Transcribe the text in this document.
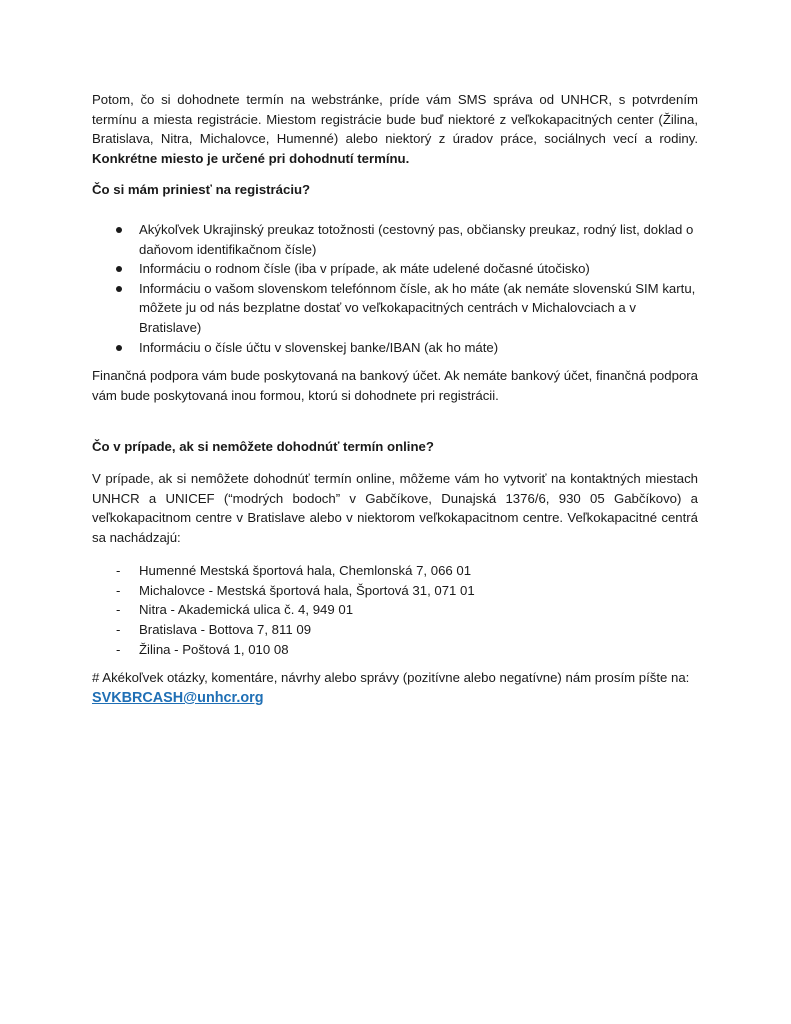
Potom, čo si dohodnete termín na webstránke, príde vám SMS správa od UNHCR, s potvrdením termínu a miesta registrácie. Miestom registrácie bude buď niektoré z veľkokapacitných center (Žilina, Bratislava, Nitra, Michalovce, Humenné) alebo niektorý z úradov práce, sociálnych vecí a rodiny. Konkrétne miesto je určené pri dohodnutí termínu.

Čo si mám priniesť na registráciu?

Akýkoľvek Ukrajinský preukaz totožnosti (cestovný pas, občiansky preukaz, rodný list, doklad o daňovom identifikačnom čísle)
Informáciu o rodnom čísle (iba v prípade, ak máte udelené dočasné útočisko)
Informáciu o vašom slovenskom telefónnom čísle, ak ho máte (ak nemáte slovenskú SIM kartu, môžete ju od nás bezplatne dostať vo veľkokapacitných centrách v Michalovciach a v Bratislave)
Informáciu o čísle účtu v slovenskej banke/IBAN (ak ho máte)

Finančná podpora vám bude poskytovaná na bankový účet. Ak nemáte bankový účet, finančná podpora vám bude poskytovaná inou formou, ktorú si dohodnete pri registrácii.

Čo v prípade, ak si nemôžete dohodnúť termín online?

V prípade, ak si nemôžete dohodnúť termín online, môžeme vám ho vytvoriť na kontaktných miestach UNHCR a UNICEF (“modrých bodoch” v Gabčíkove, Dunajská 1376/6, 930 05 Gabčíkovo) a veľkokapacitnom centre v Bratislave alebo v niektorom veľkokapacitnom centre. Veľkokapacitné centrá sa nachádzajú:

- Humenné Mestská športová hala, Chemlonská 7, 066 01
- Michalovce - Mestská športová hala, Športová 31, 071 01
- Nitra - Akademická ulica č. 4, 949 01
- Bratislava - Bottova 7, 811 09
- Žilina - Poštová 1, 010 08

# Akékoľvek otázky, komentáre, návrhy alebo správy (pozitívne alebo negatívne) nám prosím píšte na:
SVKBRCASH@unhcr.org
